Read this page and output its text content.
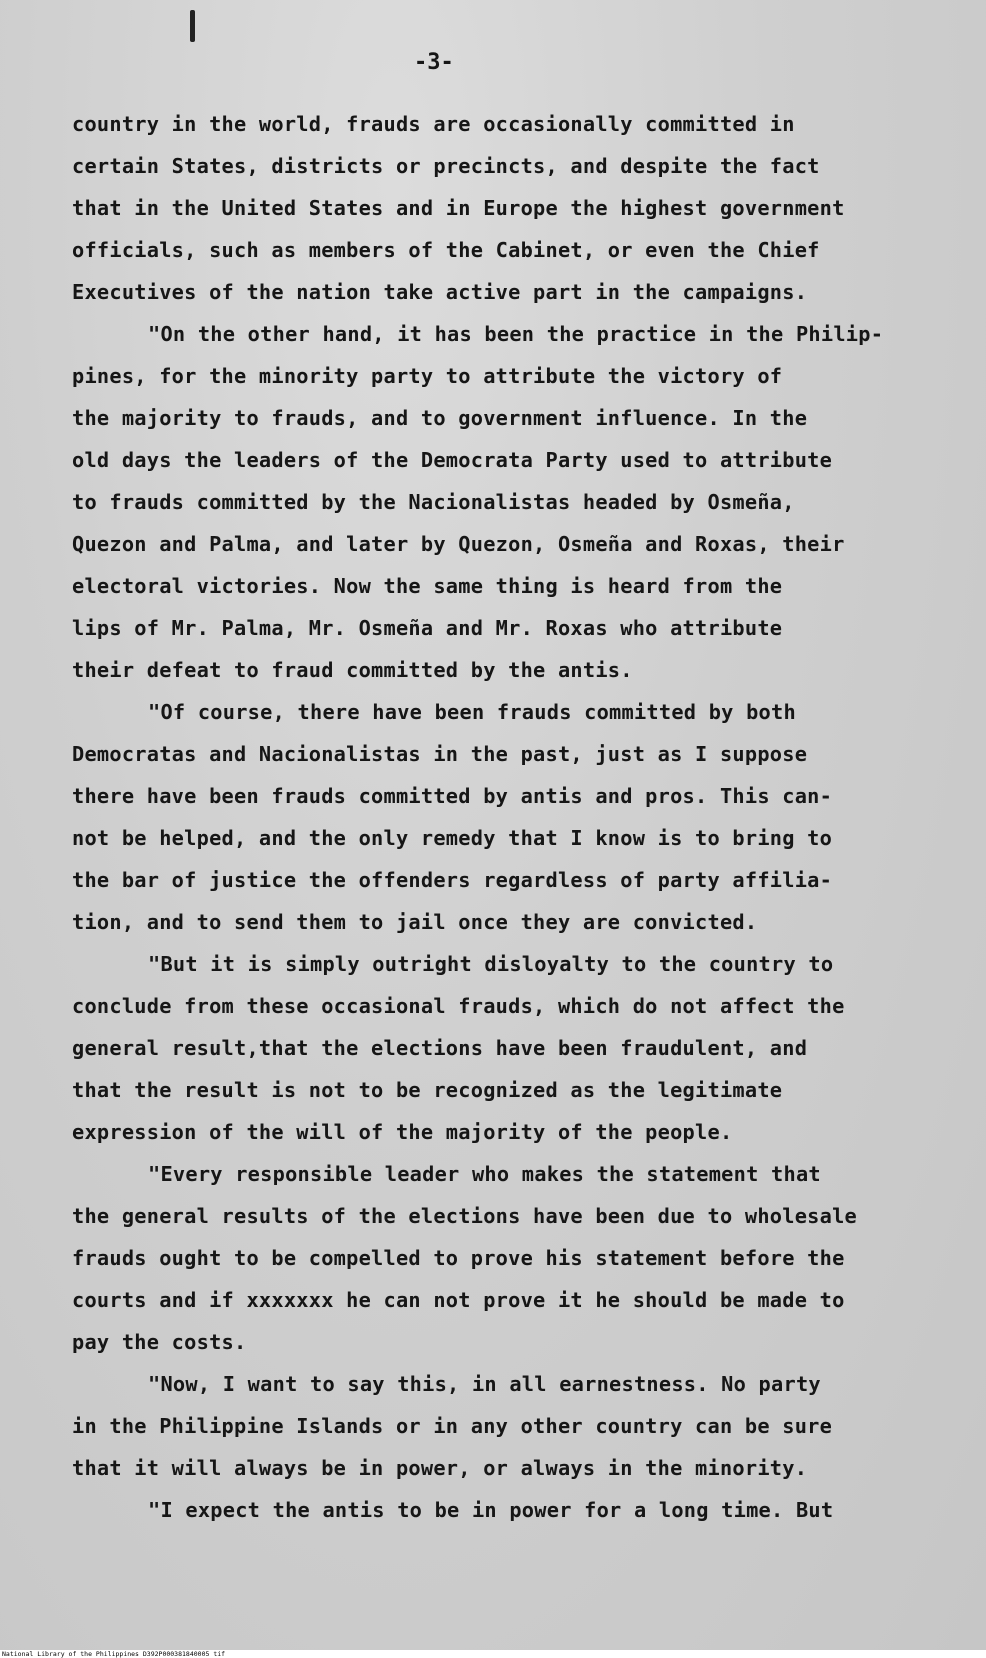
-3-
country in the world, frauds are occasionally committed in
certain States, districts or precincts, and despite the fact
that in the United States and in Europe the highest government
officials, such as members of the Cabinet, or even the Chief
Executives of the nation take active part in the campaigns.
"On the other hand, it has been the practice in the Philip-
pines, for the minority party to attribute the victory of
the majority to frauds, and to government influence. In the
old days the leaders of the Democrata Party used to attribute
to frauds committed by the Nacionalistas headed by Osmeña,
Quezon and Palma, and later by Quezon, Osmeña and Roxas, their
electoral victories. Now the same thing is heard from the
lips of Mr. Palma, Mr. Osmeña and Mr. Roxas who attribute
their defeat to fraud committed by the antis.
"Of course, there have been frauds committed by both
Democratas and Nacionalistas in the past, just as I suppose
there have been frauds committed by antis and pros. This can-
not be helped, and the only remedy that I know is to bring to
the bar of justice the offenders regardless of party affilia-
tion, and to send them to jail once they are convicted.
"But it is simply outright disloyalty to the country to
conclude from these occasional frauds, which do not affect the
general result,that the elections have been fraudulent, and
that the result is not to be recognized as the legitimate
expression of the will of the majority of the people.
"Every responsible leader who makes the statement that
the general results of the elections have been due to wholesale
frauds ought to be compelled to prove his statement before the
courts and if xxxxxxx he can not prove it he should be made to
pay the costs.
"Now, I want to say this, in all earnestness. No party
in the Philippine Islands or in any other country can be sure
that it will always be in power, or always in the minority.
"I expect the antis to be in power for a long time. But
National Library of the Philippines D392P000381840005 tif
